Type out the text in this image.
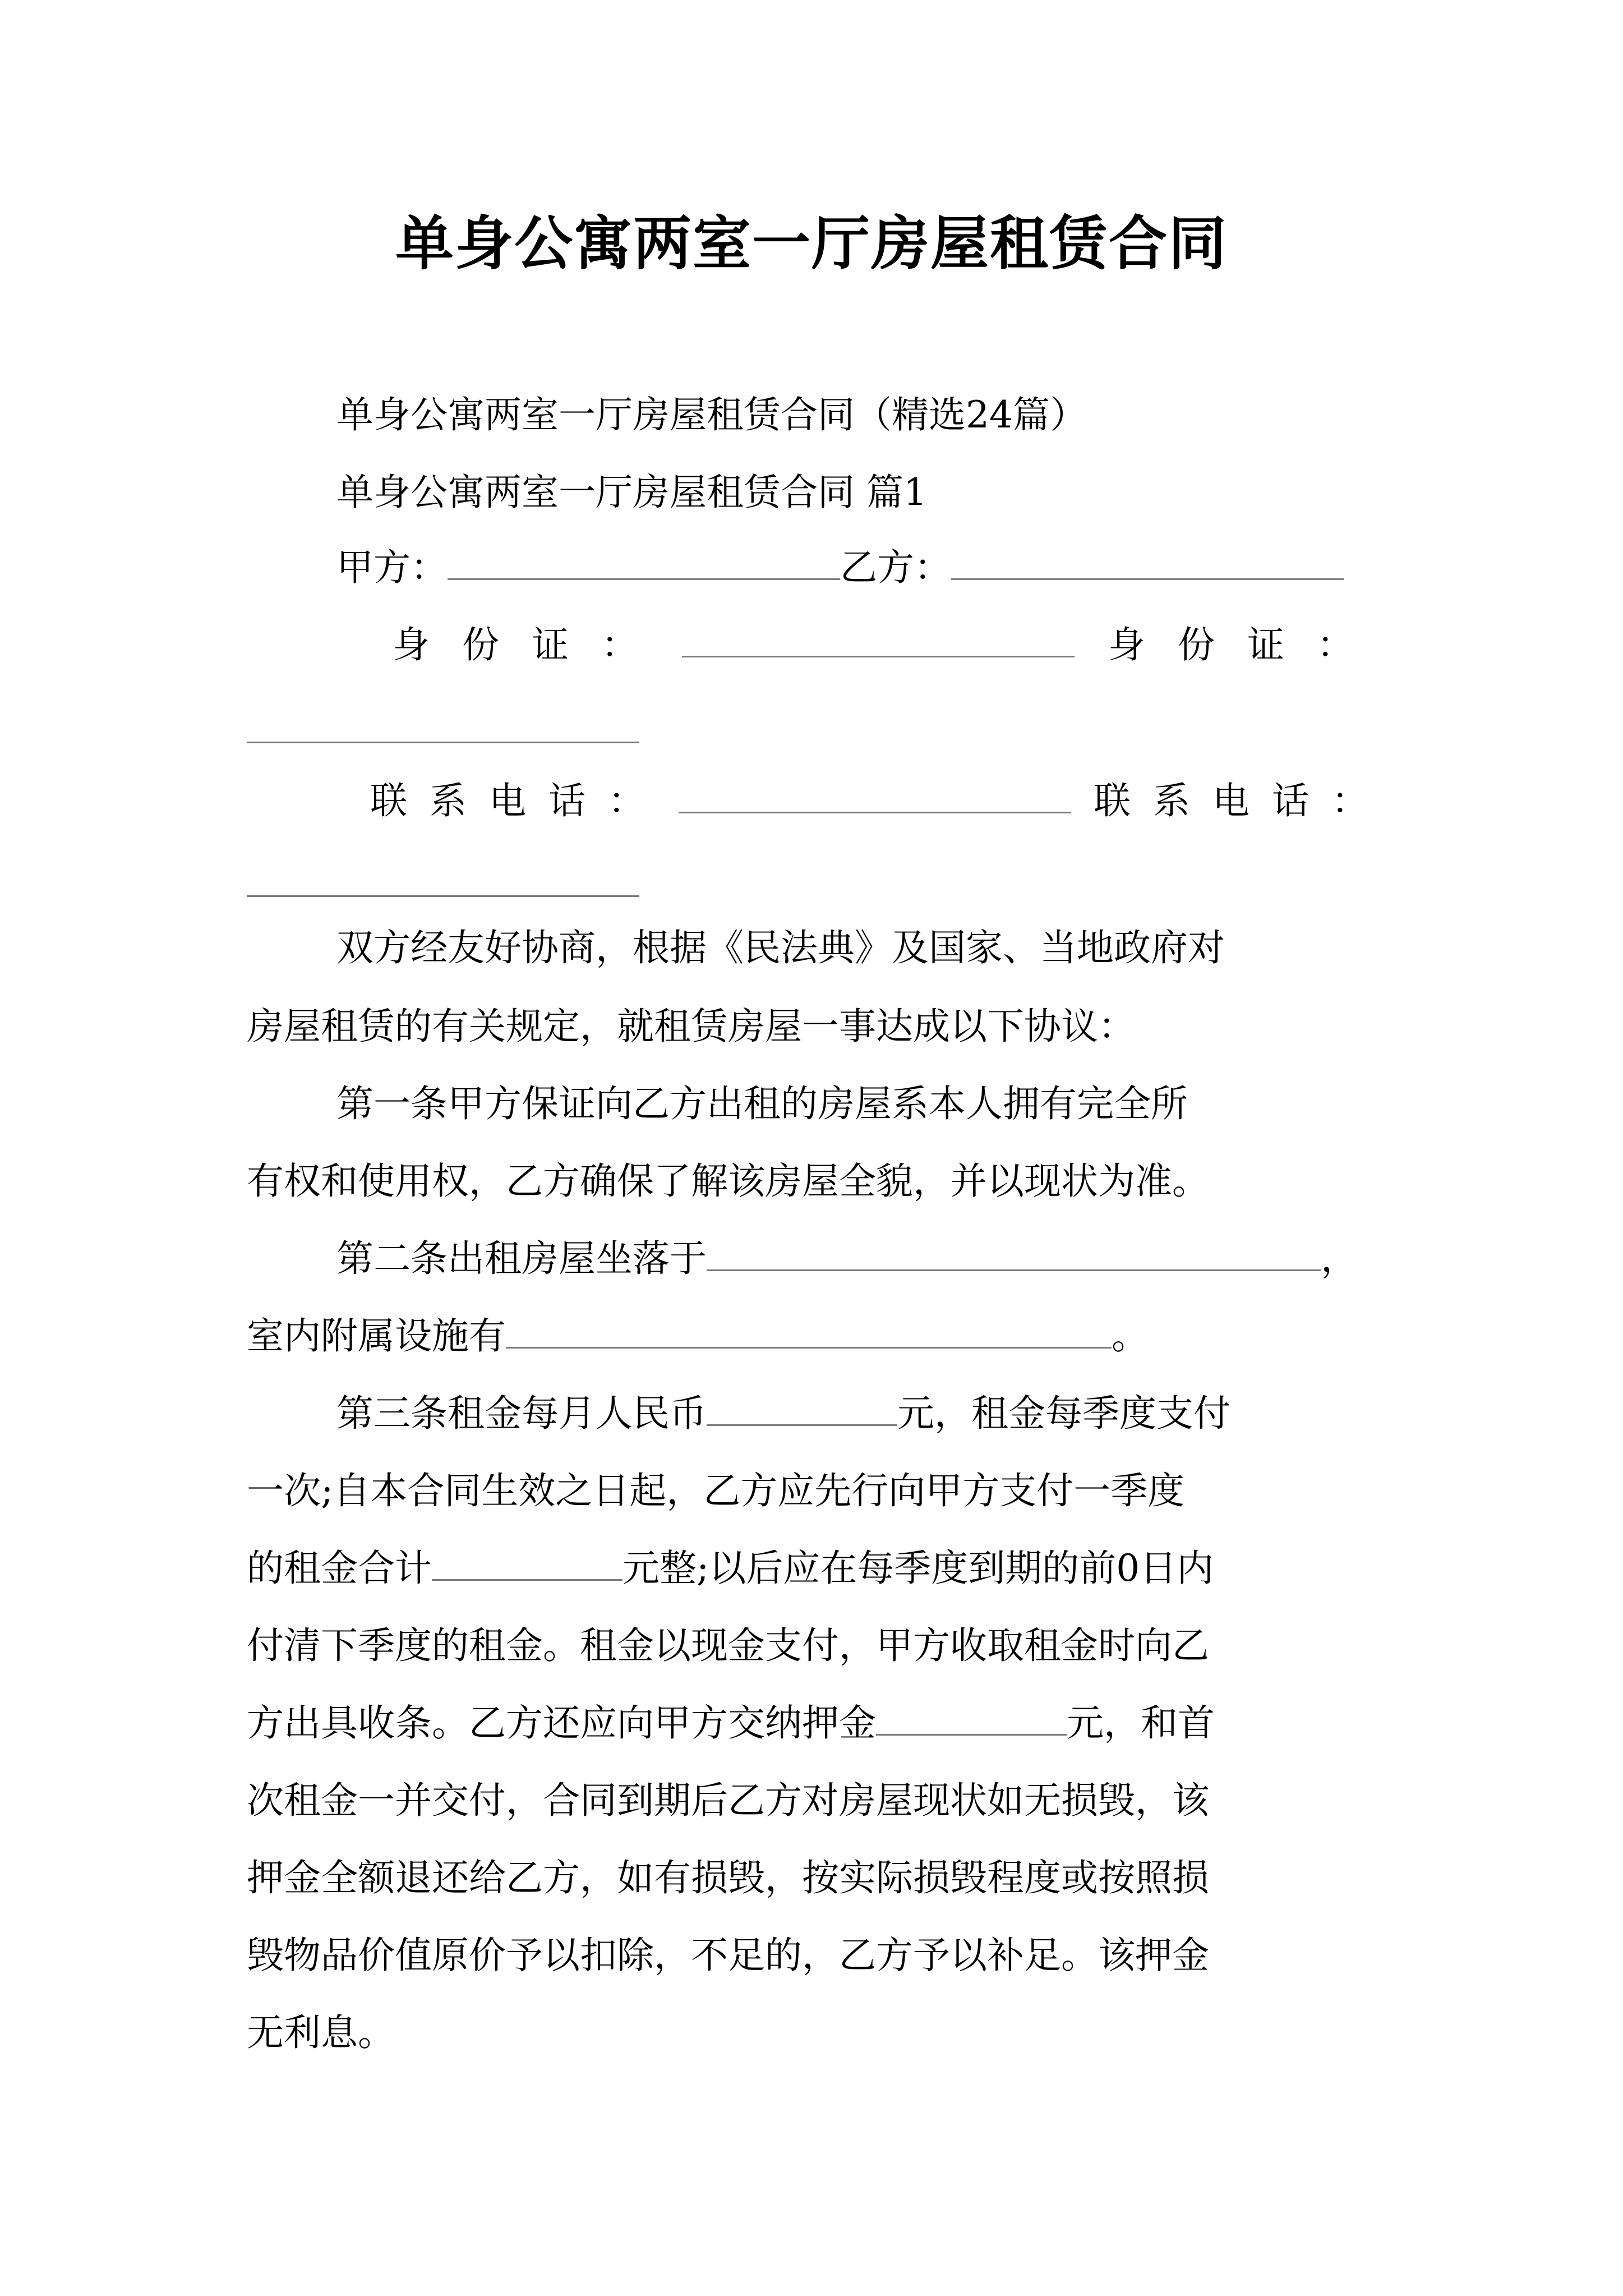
单身公寓两室一厅房屋租赁合同
单身公寓两室一厅房屋租赁合同（精选24篇）
单身公寓两室一厅房屋租赁合同 篇1
甲方：	乙方：
身份证：	身份证：
联系电话：	联系电话：
双方经友好协商，根据《民法典》及国家、当地政府对
房屋租赁的有关规定，就租赁房屋一事达成以下协议：
第一条甲方保证向乙方出租的房屋系本人拥有完全所
有权和使用权，乙方确保了解该房屋全貌，并以现状为准。
第二条出租房屋坐落于	，
室内附属设施有	。
第三条租金每月人民币	元，租金每季度支付
一次;自本合同生效之日起，乙方应先行向甲方支付一季度
的租金合计	元整;以后应在每季度到期的前0日内
付清下季度的租金。租金以现金支付，甲方收取租金时向乙
方出具收条。乙方还应向甲方交纳押金	元，和首
次租金一并交付，合同到期后乙方对房屋现状如无损毁，该
押金全额退还给乙方，如有损毁，按实际损毁程度或按照损
毁物品价值原价予以扣除，不足的，乙方予以补足。该押金
无利息。
